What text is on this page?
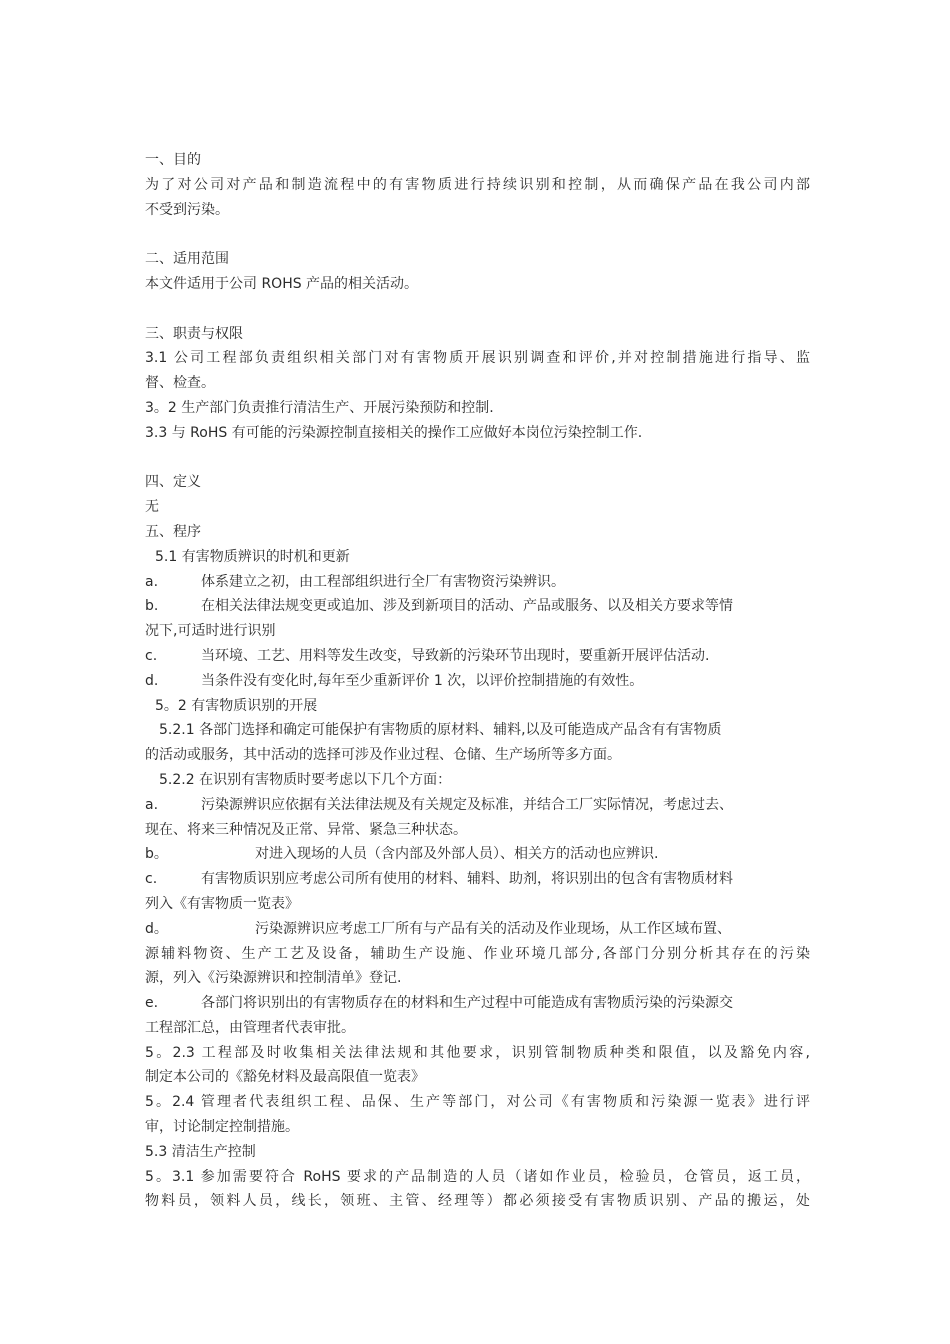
一、目的
为了对公司对产品和制造流程中的有害物质进行持续识别和控制，从而确保产品在我公司内部
不受到污染。
二、适用范围
本文件适用于公司 ROHS 产品的相关活动。
三、职责与权限
3.1 公司工程部负责组织相关部门对有害物质开展识别调查和评价,并对控制措施进行指导、监
督、检查。
3。2 生产部门负责推行清洁生产、开展污染预防和控制.
3.3 与 RoHS 有可能的污染源控制直接相关的操作工应做好本岗位污染控制工作.
四、定义
无
五、程序
5.1 有害物质辨识的时机和更新
a.	体系建立之初，由工程部组织进行全厂有害物资污染辨识。
b.	在相关法律法规变更或追加、涉及到新项目的活动、产品或服务、以及相关方要求等情
况下,可适时进行识别
c.	当环境、工艺、用料等发生改变，导致新的污染环节出现时，要重新开展评估活动.
d.	当条件没有变化时,每年至少重新评价 1 次，以评价控制措施的有效性。
5。2 有害物质识别的开展
5.2.1 各部门选择和确定可能保护有害物质的原材料、辅料,以及可能造成产品含有有害物质
的活动或服务，其中活动的选择可涉及作业过程、仓储、生产场所等多方面。
5.2.2 在识别有害物质时要考虑以下几个方面：
a.	污染源辨识应依据有关法律法规及有关规定及标准，并结合工厂实际情况，考虑过去、
现在、将来三种情况及正常、异常、紧急三种状态。
b。	对进入现场的人员（含内部及外部人员）、相关方的活动也应辨识.
c.	有害物质识别应考虑公司所有使用的材料、辅料、助剂，将识别出的包含有害物质材料
列入《有害物质一览表》
d。	污染源辨识应考虑工厂所有与产品有关的活动及作业现场，从工作区域布置、
源辅料物资、生产工艺及设备，辅助生产设施、作业环境几部分,各部门分别分析其存在的污染
源，列入《污染源辨识和控制清单》登记.
e.	各部门将识别出的有害物质存在的材料和生产过程中可能造成有害物质污染的污染源交
工程部汇总，由管理者代表审批。
5。2.3 工程部及时收集相关法律法规和其他要求，识别管制物质种类和限值，以及豁免内容,
制定本公司的《豁免材料及最高限值一览表》
5。2.4 管理者代表组织工程、品保、生产等部门，对公司《有害物质和污染源一览表》进行评
审，讨论制定控制措施。
5.3 清洁生产控制
5。3.1 参加需要符合 RoHS 要求的产品制造的人员（诸如作业员，检验员，仓管员，返工员，
物料员，领料人员，线长，领班、主管、经理等）都必须接受有害物质识别、产品的搬运，处
